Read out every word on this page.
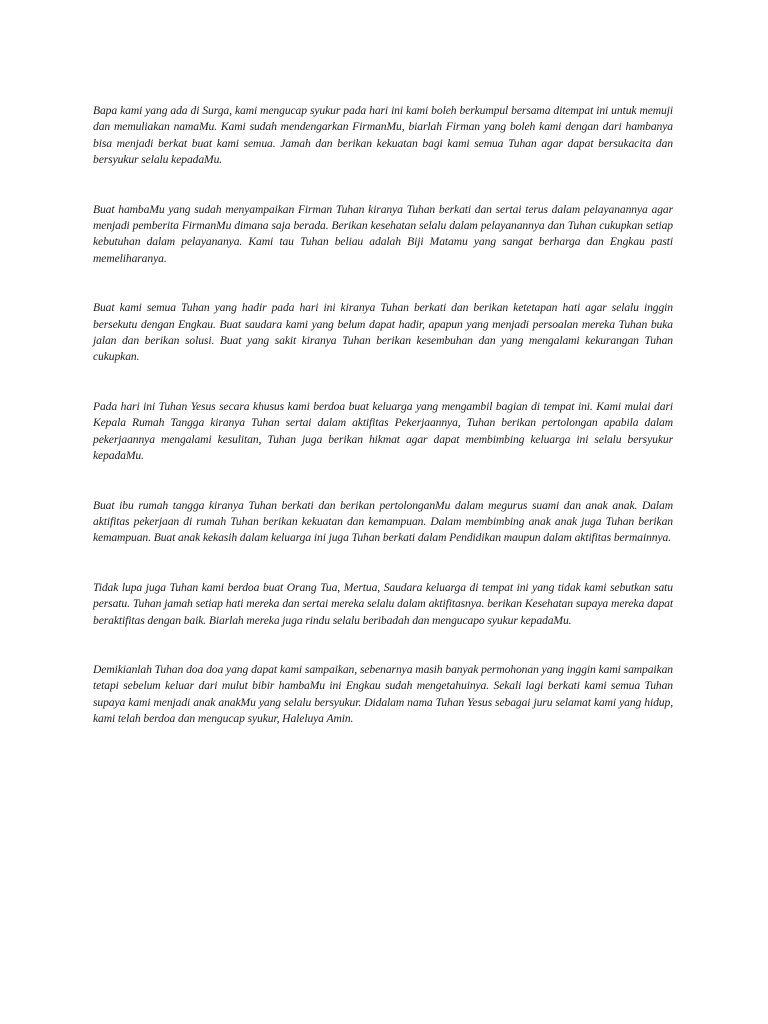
Bapa kami yang ada di Surga, kami mengucap syukur pada hari ini kami boleh berkumpul bersama ditempat ini untuk memuji dan memuliakan namaMu. Kami sudah mendengarkan FirmanMu, biarlah Firman yang boleh kami dengan dari hambanya bisa menjadi berkat buat kami semua. Jamah dan berikan kekuatan bagi kami semua Tuhan agar dapat bersukacita dan bersyukur selalu kepadaMu.

Buat hambaMu yang sudah menyampaikan Firman Tuhan kiranya Tuhan berkati dan sertai terus dalam pelayanannya agar menjadi pemberita FirmanMu dimana saja berada. Berikan kesehatan selalu dalam pelayanannya dan Tuhan cukupkan setiap kebutuhan dalam pelayananya. Kami tau Tuhan beliau adalah Biji Matamu yang sangat berharga dan Engkau pasti memeliharanya.

Buat kami semua Tuhan yang hadir pada hari ini kiranya Tuhan berkati dan berikan ketetapan hati agar selalu inggin bersekutu dengan Engkau. Buat saudara kami yang belum dapat hadir, apapun yang menjadi persoalan mereka Tuhan buka jalan dan berikan solusi. Buat yang sakit kiranya Tuhan berikan kesembuhan dan yang mengalami kekurangan Tuhan cukupkan.

Pada hari ini Tuhan Yesus secara khusus kami berdoa buat keluarga yang mengambil bagian di tempat ini. Kami mulai dari Kepala Rumah Tangga kiranya Tuhan sertai dalam aktifitas Pekerjaannya, Tuhan berikan pertolongan apabila dalam pekerjaannya mengalami kesulitan, Tuhan juga berikan hikmat agar dapat membimbing keluarga ini selalu bersyukur kepadaMu.

Buat ibu rumah tangga kiranya Tuhan berkati dan berikan pertolonganMu dalam megurus suami dan anak anak. Dalam aktifitas pekerjaan di rumah Tuhan berikan kekuatan dan kemampuan. Dalam membimbing anak anak juga Tuhan berikan kemampuan. Buat anak kekasih dalam keluarga ini juga Tuhan berkati dalam Pendidikan maupun dalam aktifitas bermainnya.

Tidak lupa juga Tuhan kami berdoa buat Orang Tua, Mertua, Saudara keluarga di tempat ini yang tidak kami sebutkan satu persatu. Tuhan jamah setiap hati mereka dan sertai mereka selalu dalam aktifitasnya. berikan Kesehatan supaya mereka dapat beraktifitas dengan baik. Biarlah mereka juga rindu selalu beribadah dan mengucapo syukur kepadaMu.

Demikianlah Tuhan doa doa yang dapat kami sampaikan, sebenarnya masih banyak permohonan yang inggin kami sampaikan tetapi sebelum keluar dari mulut bibir hambaMu ini Engkau sudah mengetahuinya. Sekali lagi berkati kami semua Tuhan supaya kami menjadi anak anakMu yang selalu bersyukur. Didalam nama Tuhan Yesus sebagai juru selamat kami yang hidup, kami telah berdoa dan mengucap syukur, Haleluya Amin.
